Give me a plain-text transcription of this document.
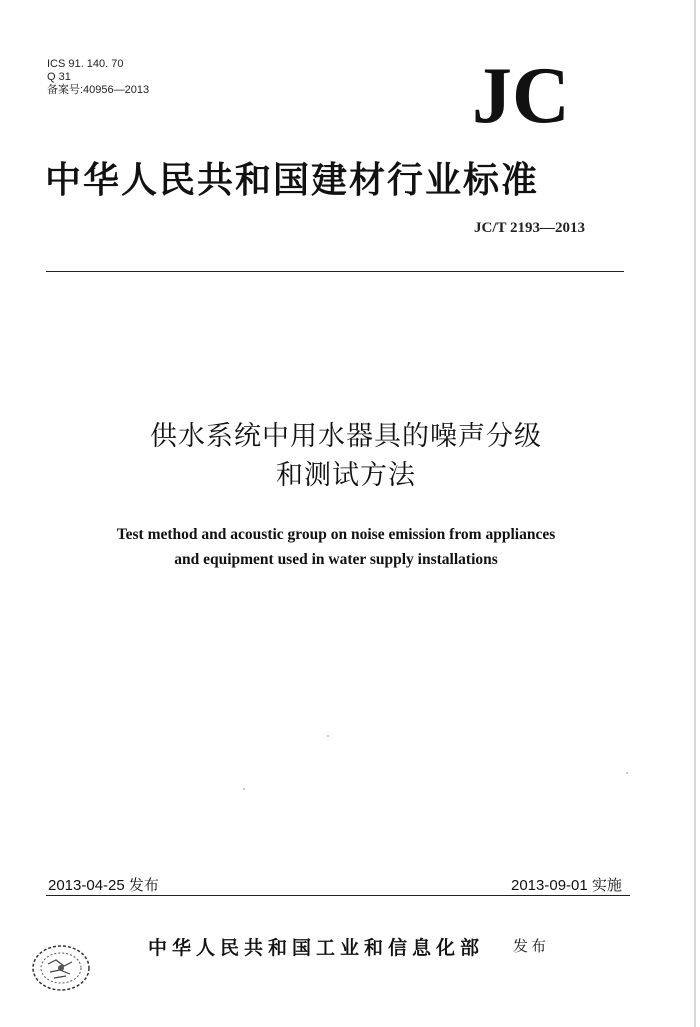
ICS 91. 140. 70
Q 31
备案号:40956—2013	JC
中华人民共和国建材行业标准
JC/T 2193—2013
供水系统中用水器具的噪声分级
和测试方法
Test method and acoustic group on noise emission from appliances
and equipment used in water supply installations
2013-04-25 发布	2013-09-01 实施
中华人民共和国工业和信息化部 发布
